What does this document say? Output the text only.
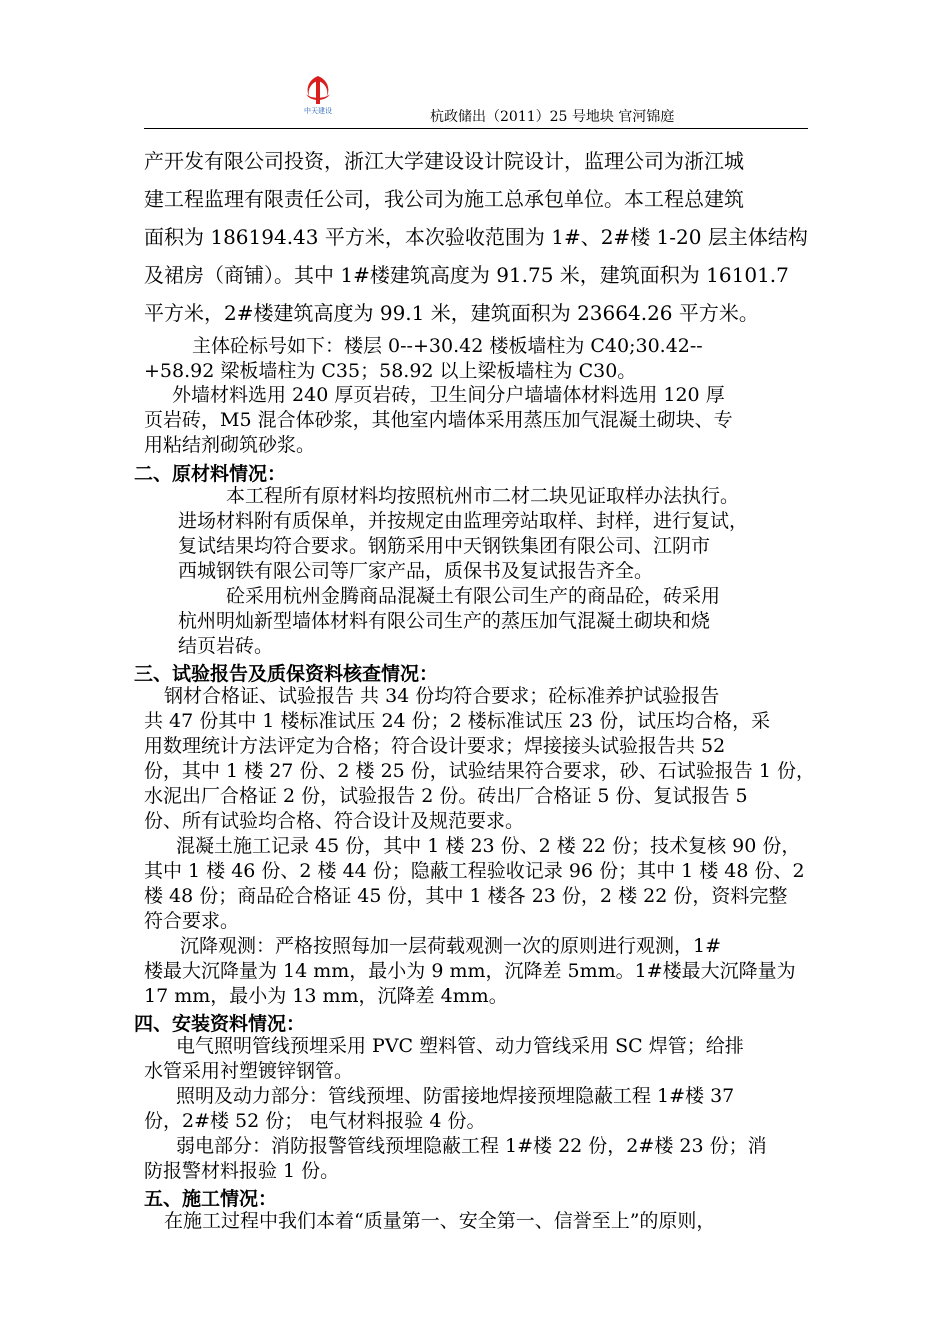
中天建设	杭政储出（2011）25 号地块 官河锦庭
产开发有限公司投资，浙江大学建设设计院设计，监理公司为浙江城
建工程监理有限责任公司，我公司为施工总承包单位。本工程总建筑
面积为 186194.43 平方米，本次验收范围为 1#、2#楼 1-20 层主体结构
及裙房（商铺）。其中 1#楼建筑高度为 91.75 米，建筑面积为 16101.7
平方米，2#楼建筑高度为 99.1 米，建筑面积为 23664.26 平方米。
主体砼标号如下：楼层 0--+30.42 楼板墙柱为 C40;30.42--
+58.92 梁板墙柱为 C35；58.92 以上梁板墙柱为 C30。
外墙材料选用 240 厚页岩砖，卫生间分户墙墙体材料选用 120 厚
页岩砖，M5 混合体砂浆，其他室内墙体采用蒸压加气混凝土砌块、专
用粘结剂砌筑砂浆。
二、原材料情况：
本工程所有原材料均按照杭州市二材二块见证取样办法执行。
进场材料附有质保单，并按规定由监理旁站取样、封样，进行复试，
复试结果均符合要求。钢筋采用中天钢铁集团有限公司、江阴市
西城钢铁有限公司等厂家产品，质保书及复试报告齐全。
砼采用杭州金腾商品混凝土有限公司生产的商品砼，砖采用
杭州明灿新型墙体材料有限公司生产的蒸压加气混凝土砌块和烧
结页岩砖。
三、试验报告及质保资料核查情况：
钢材合格证、试验报告 共 34 份均符合要求；砼标准养护试验报告
共 47 份其中 1 楼标准试压 24 份；2 楼标准试压 23 份，试压均合格，采
用数理统计方法评定为合格；符合设计要求；焊接接头试验报告共 52
份，其中 1 楼 27 份、2 楼 25 份，试验结果符合要求，砂、石试验报告 1 份，
水泥出厂合格证 2 份，试验报告 2 份。砖出厂合格证 5 份、复试报告 5
份、所有试验均合格、符合设计及规范要求。
混凝土施工记录 45 份，其中 1 楼 23 份、2 楼 22 份；技术复核 90 份，
其中 1 楼 46 份、2 楼 44 份；隐蔽工程验收记录 96 份；其中 1 楼 48 份、2
楼 48 份；商品砼合格证 45 份，其中 1 楼各 23 份，2 楼 22 份，资料完整
符合要求。
沉降观测：严格按照每加一层荷载观测一次的原则进行观测，1#
楼最大沉降量为 14 mm，最小为 9 mm，沉降差 5mm。1#楼最大沉降量为
17 mm，最小为 13 mm，沉降差 4mm。
四、安装资料情况：
电气照明管线预埋采用 PVC 塑料管、动力管线采用 SC 焊管；给排
水管采用衬塑镀锌钢管。
照明及动力部分：管线预埋、防雷接地焊接预埋隐蔽工程 1#楼 37
份，2#楼 52 份； 电气材料报验 4 份。
弱电部分：消防报警管线预埋隐蔽工程 1#楼 22 份，2#楼 23 份；消
防报警材料报验 1 份。
五、施工情况：
在施工过程中我们本着“质量第一、安全第一、信誉至上”的原则，
